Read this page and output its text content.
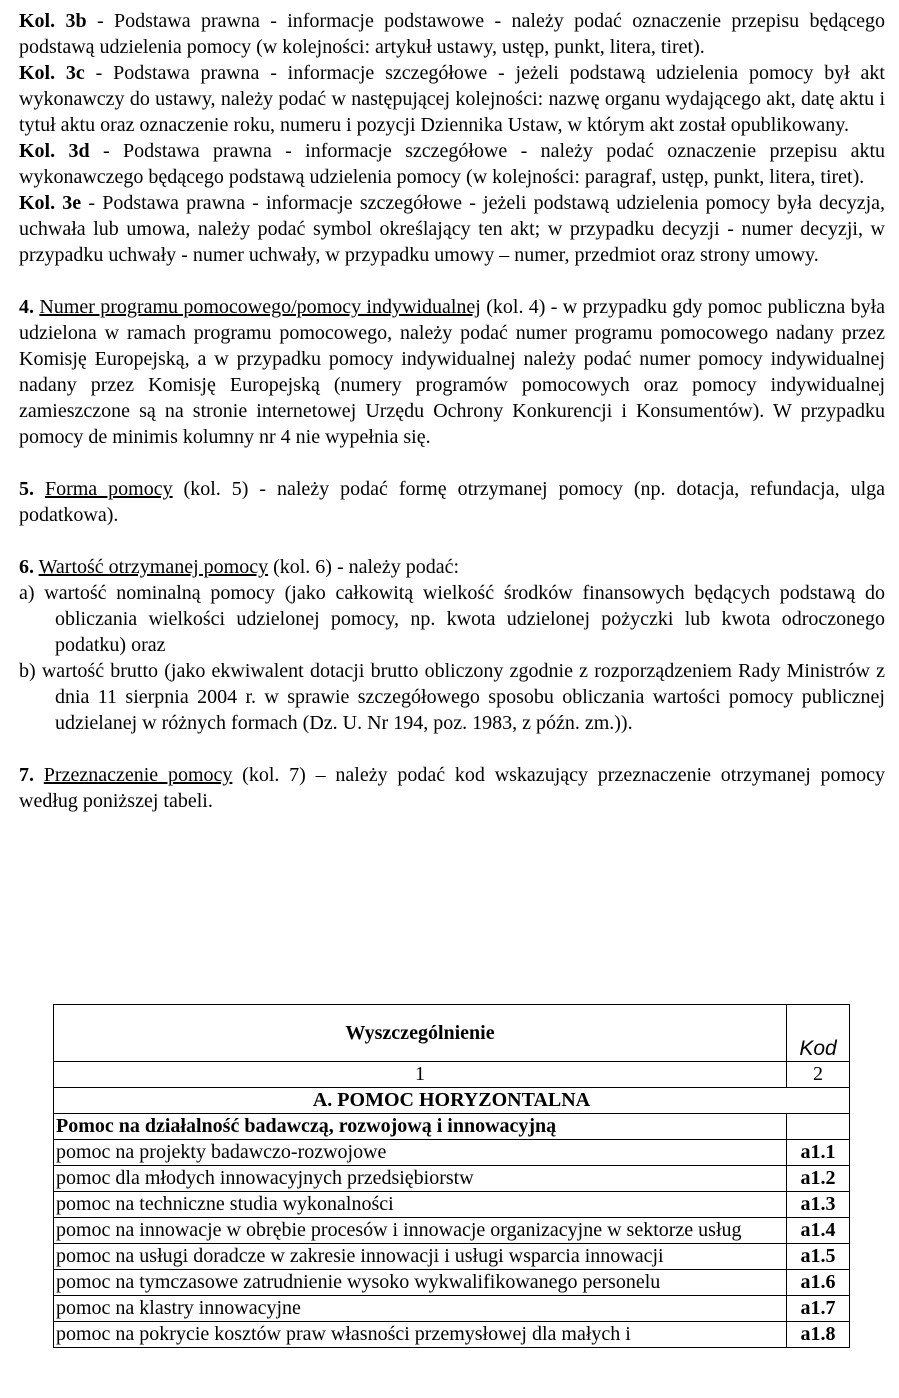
Kol. 3b - Podstawa prawna - informacje podstawowe - należy podać oznaczenie przepisu będącego podstawą udzielenia pomocy (w kolejności: artykuł ustawy, ustęp, punkt, litera, tiret).

Kol. 3c - Podstawa prawna - informacje szczegółowe - jeżeli podstawą udzielenia pomocy był akt wykonawczy do ustawy, należy podać w następującej kolejności: nazwę organu wydającego akt, datę aktu i tytuł aktu oraz oznaczenie roku, numeru i pozycji Dziennika Ustaw, w którym akt został opublikowany.

Kol. 3d - Podstawa prawna - informacje szczegółowe - należy podać oznaczenie przepisu aktu wykonawczego będącego podstawą udzielenia pomocy (w kolejności: paragraf, ustęp, punkt, litera, tiret).

Kol. 3e - Podstawa prawna - informacje szczegółowe - jeżeli podstawą udzielenia pomocy była decyzja, uchwała lub umowa, należy podać symbol określający ten akt; w przypadku decyzji - numer decyzji, w przypadku uchwały - numer uchwały, w przypadku umowy – numer, przedmiot oraz strony umowy.

4. Numer programu pomocowego/pomocy indywidualnej (kol. 4) - w przypadku gdy pomoc publiczna była udzielona w ramach programu pomocowego, należy podać numer programu pomocowego nadany przez Komisję Europejską, a w przypadku pomocy indywidualnej należy podać numer pomocy indywidualnej nadany przez Komisję Europejską (numery programów pomocowych oraz pomocy indywidualnej zamieszczone są na stronie internetowej Urzędu Ochrony Konkurencji i Konsumentów). W przypadku pomocy de minimis kolumny nr 4 nie wypełnia się.

5. Forma pomocy (kol. 5) - należy podać formę otrzymanej pomocy (np. dotacja, refundacja, ulga podatkowa).

6. Wartość otrzymanej pomocy (kol. 6) - należy podać:

a) wartość nominalną pomocy (jako całkowitą wielkość środków finansowych będących podstawą do obliczania wielkości udzielonej pomocy, np. kwota udzielonej pożyczki lub kwota odroczonego podatku) oraz
b) wartość brutto (jako ekwiwalent dotacji brutto obliczony zgodnie z rozporządzeniem Rady Ministrów z dnia 11 sierpnia 2004 r. w sprawie szczegółowego sposobu obliczania wartości pomocy publicznej udzielanej w różnych formach (Dz. U. Nr 194, poz. 1983, z późn. zm.)).

7. Przeznaczenie pomocy (kol. 7) – należy podać kod wskazujący przeznaczenie otrzymanej pomocy według poniższej tabeli.

Wyszczególnienie	Kod
1	2
A. POMOC HORYZONTALNA	
Pomoc na działalność badawczą, rozwojową i innowacyjną	
pomoc na projekty badawczo-rozwojowe	a1.1
pomoc dla młodych innowacyjnych przedsiębiorstw	a1.2
pomoc na techniczne studia wykonalności	a1.3
pomoc na innowacje w obrębie procesów i innowacje organizacyjne w sektorze usług	a1.4
pomoc na usługi doradcze w zakresie innowacji i usługi wsparcia innowacji	a1.5
pomoc na tymczasowe zatrudnienie wysoko wykwalifikowanego personelu	a1.6
pomoc na klastry innowacyjne	a1.7
pomoc na pokrycie kosztów praw własności przemysłowej dla małych i	a1.8
